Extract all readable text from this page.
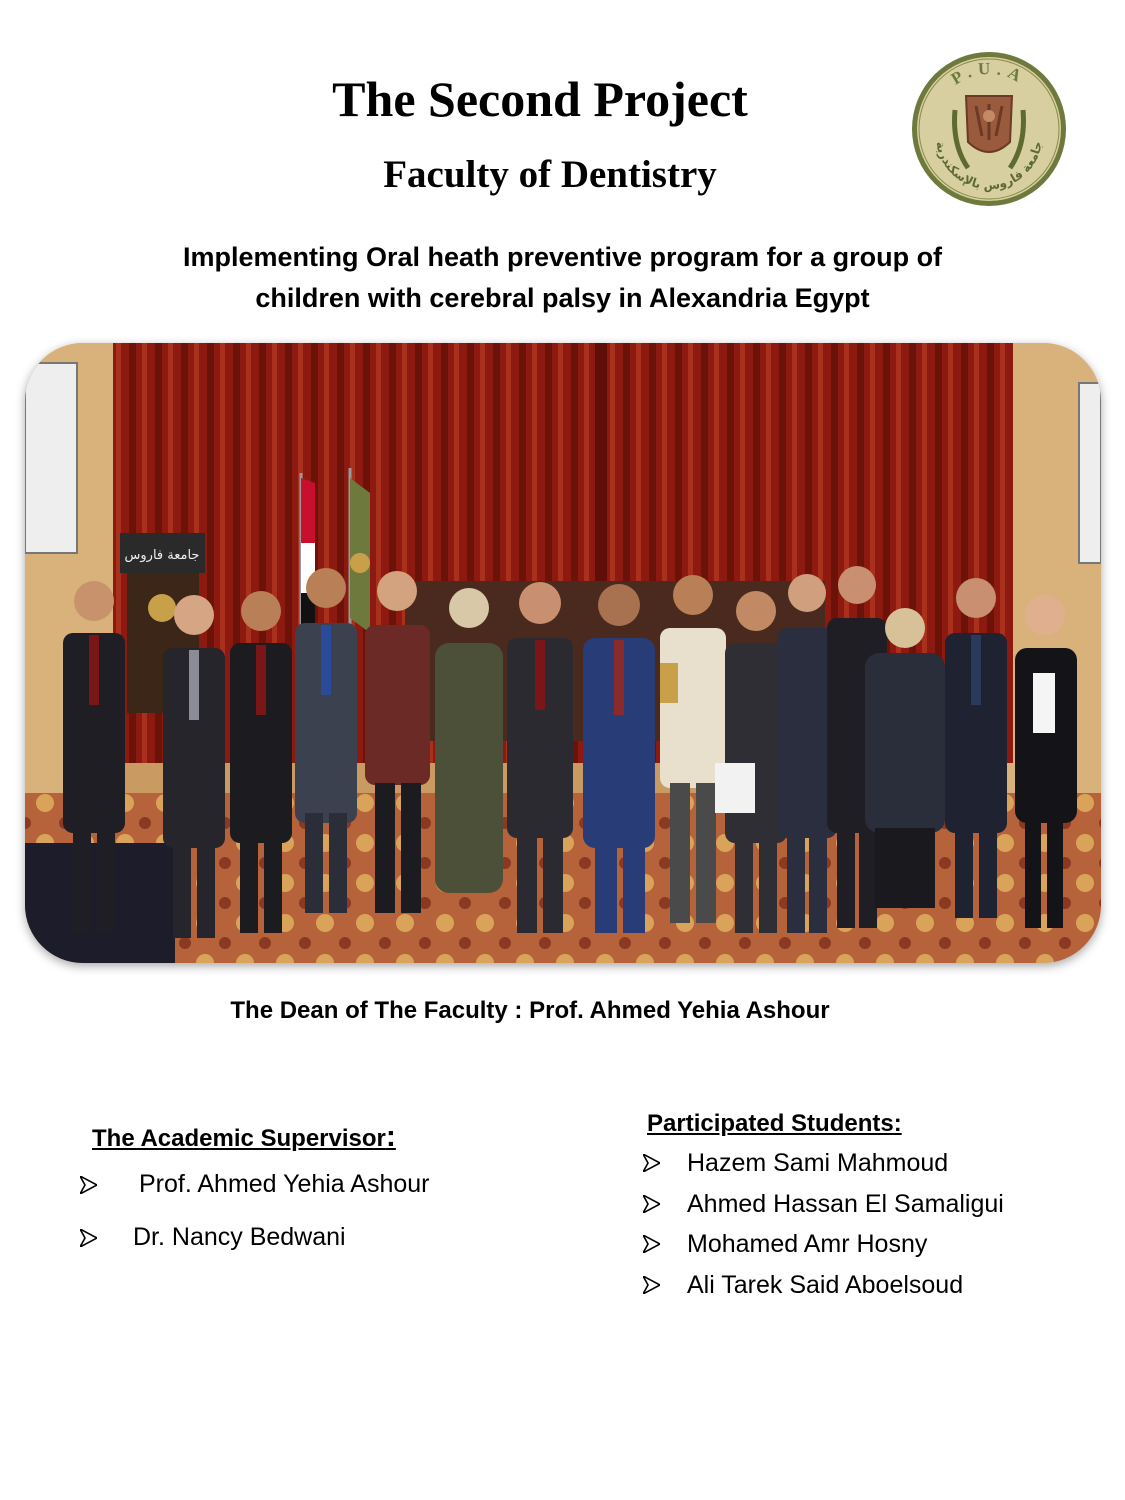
The Second Project
Faculty of Dentistry
Implementing Oral heath preventive program for a group of
children with cerebral palsy in Alexandria Egypt
P.U.A
جامعة فاروس بالإسكندرية
جامعة فاروس

The Dean of The Faculty : Prof. Ahmed Yehia Ashour

The Academic Supervisor:

Prof. Ahmed Yehia Ashour
Dr. Nancy Bedwani

Participated Students:

Hazem Sami Mahmoud
Ahmed Hassan El Samaligui
Mohamed Amr Hosny
Ali Tarek Said Aboelsoud
